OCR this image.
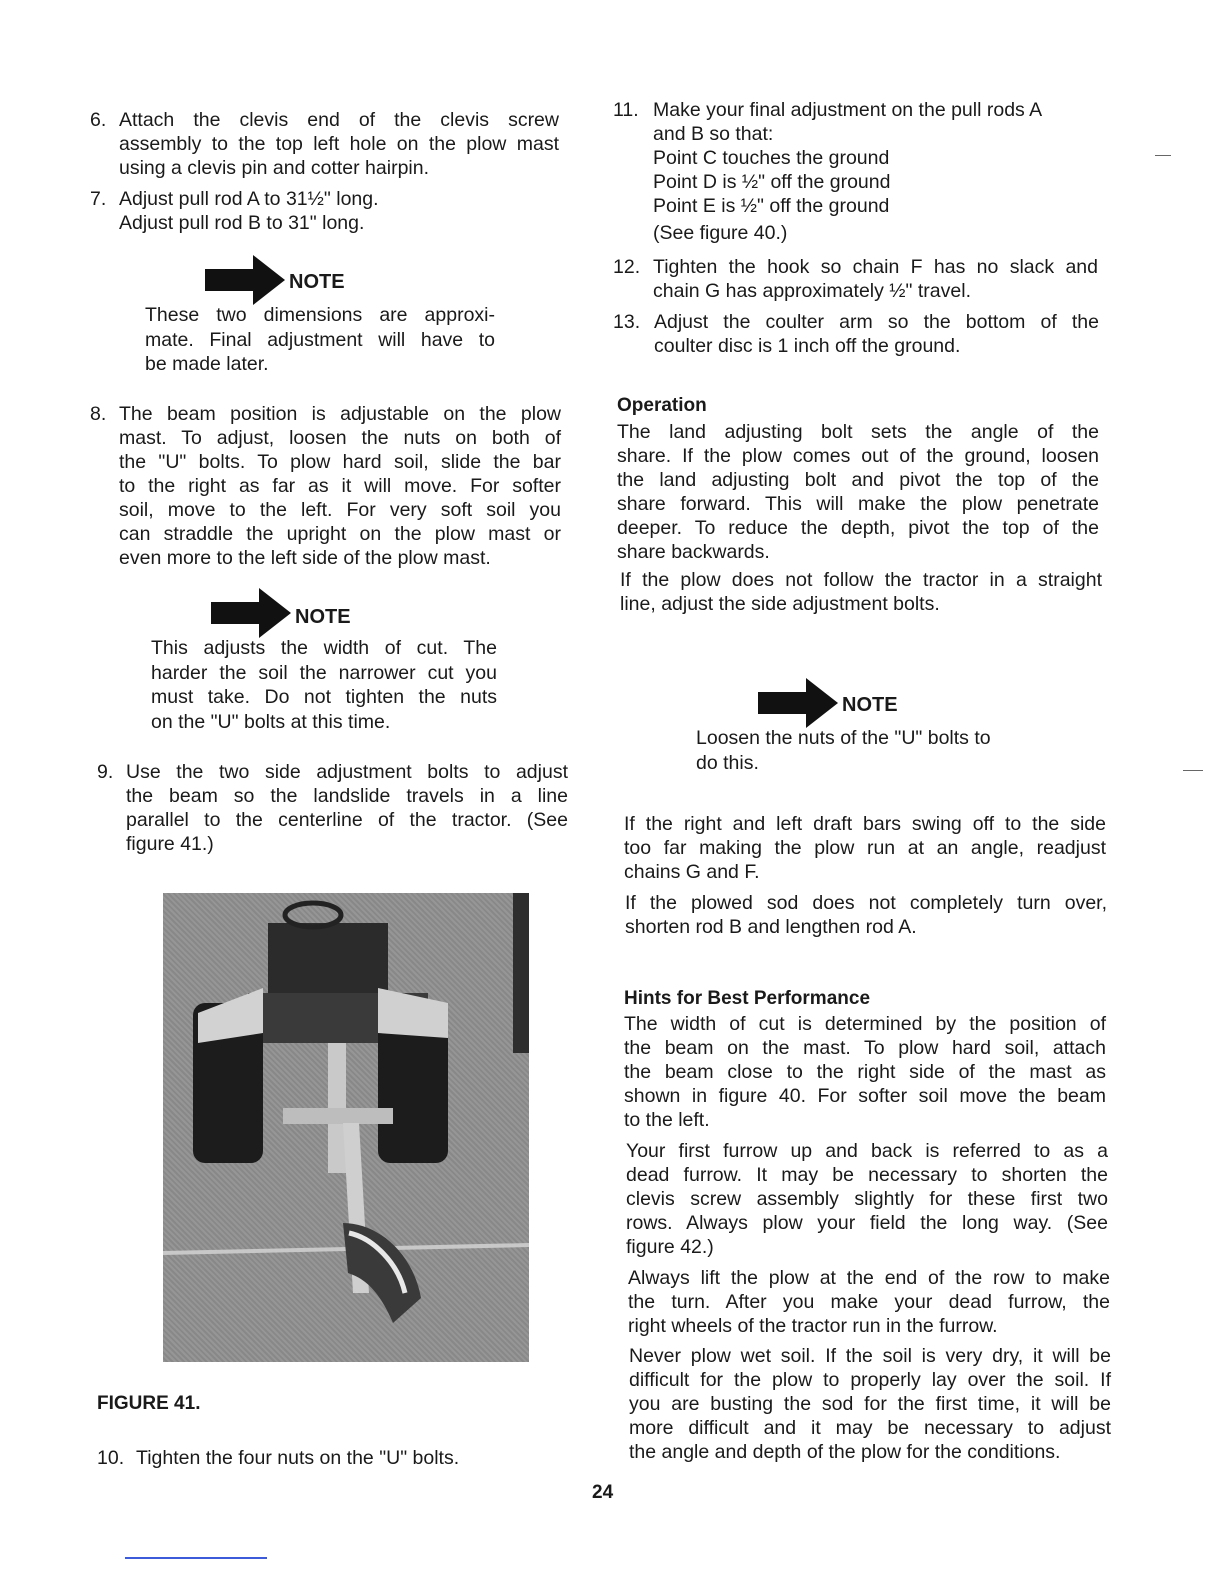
6. Attach the clevis end of the clevis screw
assembly to the top left hole on the plow mast
using a clevis pin and cotter hairpin.
7. Adjust pull rod A to 31½" long.
Adjust pull rod B to 31" long.
NOTE
These two dimensions are approxi-
mate. Final adjustment will have to
be made later.
8. The beam position is adjustable on the plow
mast. To adjust, loosen the nuts on both of
the "U" bolts. To plow hard soil, slide the bar
to the right as far as it will move. For softer
soil, move to the left. For very soft soil you
can straddle the upright on the plow mast or
even more to the left side of the plow mast.
NOTE
This adjusts the width of cut. The
harder the soil the narrower cut you
must take. Do not tighten the nuts
on the "U" bolts at this time.
9. Use the two side adjustment bolts to adjust
the beam so the landslide travels in a line
parallel to the centerline of the tractor. (See
figure 41.)
FIGURE 41.
10. Tighten the four nuts on the "U" bolts.
11. Make your final adjustment on the pull rods A
and B so that:
Point C touches the ground
Point D is ½" off the ground
Point E is ½" off the ground
(See figure 40.)
12. Tighten the hook so chain F has no slack and
chain G has approximately ½" travel.
13. Adjust the coulter arm so the bottom of the
coulter disc is 1 inch off the ground.
Operation
The land adjusting bolt sets the angle of the
share. If the plow comes out of the ground, loosen
the land adjusting bolt and pivot the top of the
share forward. This will make the plow penetrate
deeper. To reduce the depth, pivot the top of the
share backwards.
If the plow does not follow the tractor in a straight
line, adjust the side adjustment bolts.
NOTE
Loosen the nuts of the "U" bolts to
do this.
If the right and left draft bars swing off to the side
too far making the plow run at an angle, readjust
chains G and F.
If the plowed sod does not completely turn over,
shorten rod B and lengthen rod A.
Hints for Best Performance
The width of cut is determined by the position of
the beam on the mast. To plow hard soil, attach
the beam close to the right side of the mast as
shown in figure 40. For softer soil move the beam
to the left.
Your first furrow up and back is referred to as a
dead furrow. It may be necessary to shorten the
clevis screw assembly slightly for these first two
rows. Always plow your field the long way. (See
figure 42.)
Always lift the plow at the end of the row to make
the turn. After you make your dead furrow, the
right wheels of the tractor run in the furrow.
Never plow wet soil. If the soil is very dry, it will be
difficult for the plow to properly lay over the soil. If
you are busting the sod for the first time, it will be
more difficult and it may be necessary to adjust
the angle and depth of the plow for the conditions.
24
